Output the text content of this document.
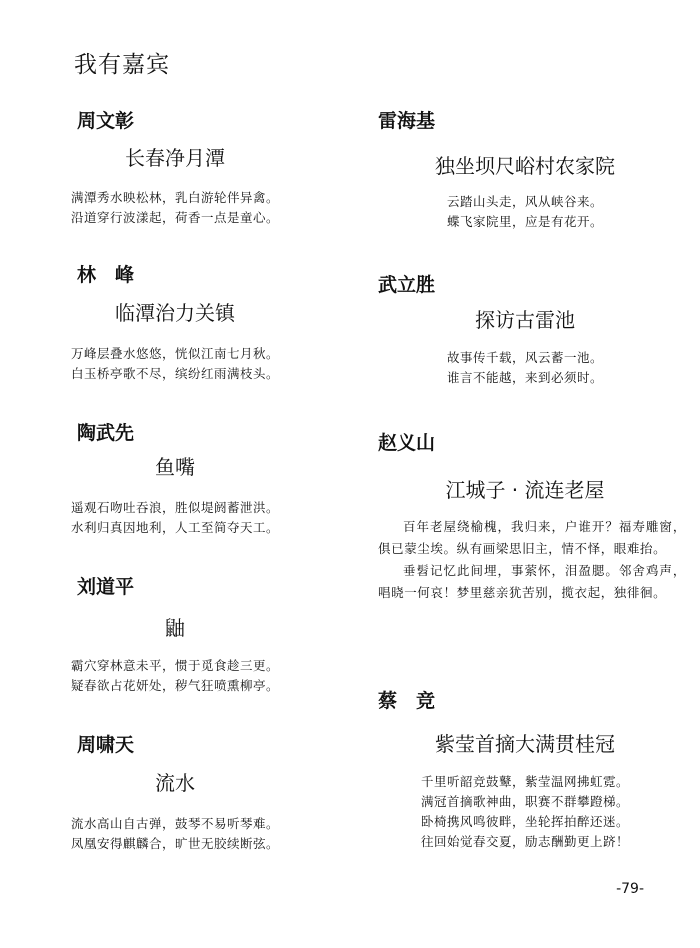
我有嘉宾
周文彰
长春净月潭
满潭秀水映松林，乳白游轮伴异禽。
沿道穿行波漾起，荷香一点是童心。
林　峰
临潭治力关镇
万峰层叠水悠悠，恍似江南七月秋。
白玉桥亭歌不尽，缤纷红雨满枝头。
陶武先
鱼嘴
遥观石吻吐吞浪，胜似堤阏蓄泄洪。
水利归真因地利，人工至简夺天工。
刘道平
鼬
霸穴穿林意未平，惯于觅食趁三更。
疑春欲占花妍处，秽气狂喷熏柳亭。
周啸天
流水
流水高山自古弹，鼓琴不易听琴难。
凤凰安得麒麟合，旷世无胶续断弦。
雷海基
独坐坝尺峪村农家院
云踏山头走，风从峡谷来。
蝶飞家院里，应是有花开。
武立胜
探访古雷池
故事传千载，风云蓄一池。
谁言不能越，来到必须时。
赵义山
江城子 · 流连老屋

百年老屋绕榆槐，我归来，户谁开？福寿雕窗，俱已蒙尘埃。纵有画梁思旧主，情不怿，眼难抬。

垂髫记忆此间埋，事萦怀，泪盈腮。邻舍鸡声，唱晓一何哀！梦里慈亲犹苦别，揽衣起，独徘徊。

蔡　竞
紫莹首摘大满贯桂冠
千里听韶竞鼓鼙，紫莹温网拂虹霓。
满冠首摘歌神曲，职赛不群攀蹬梯。
卧椅携风鸣彼畔，坐轮挥拍醉还迷。
往回始觉春交夏，励志酬勤更上跻！
-79-
